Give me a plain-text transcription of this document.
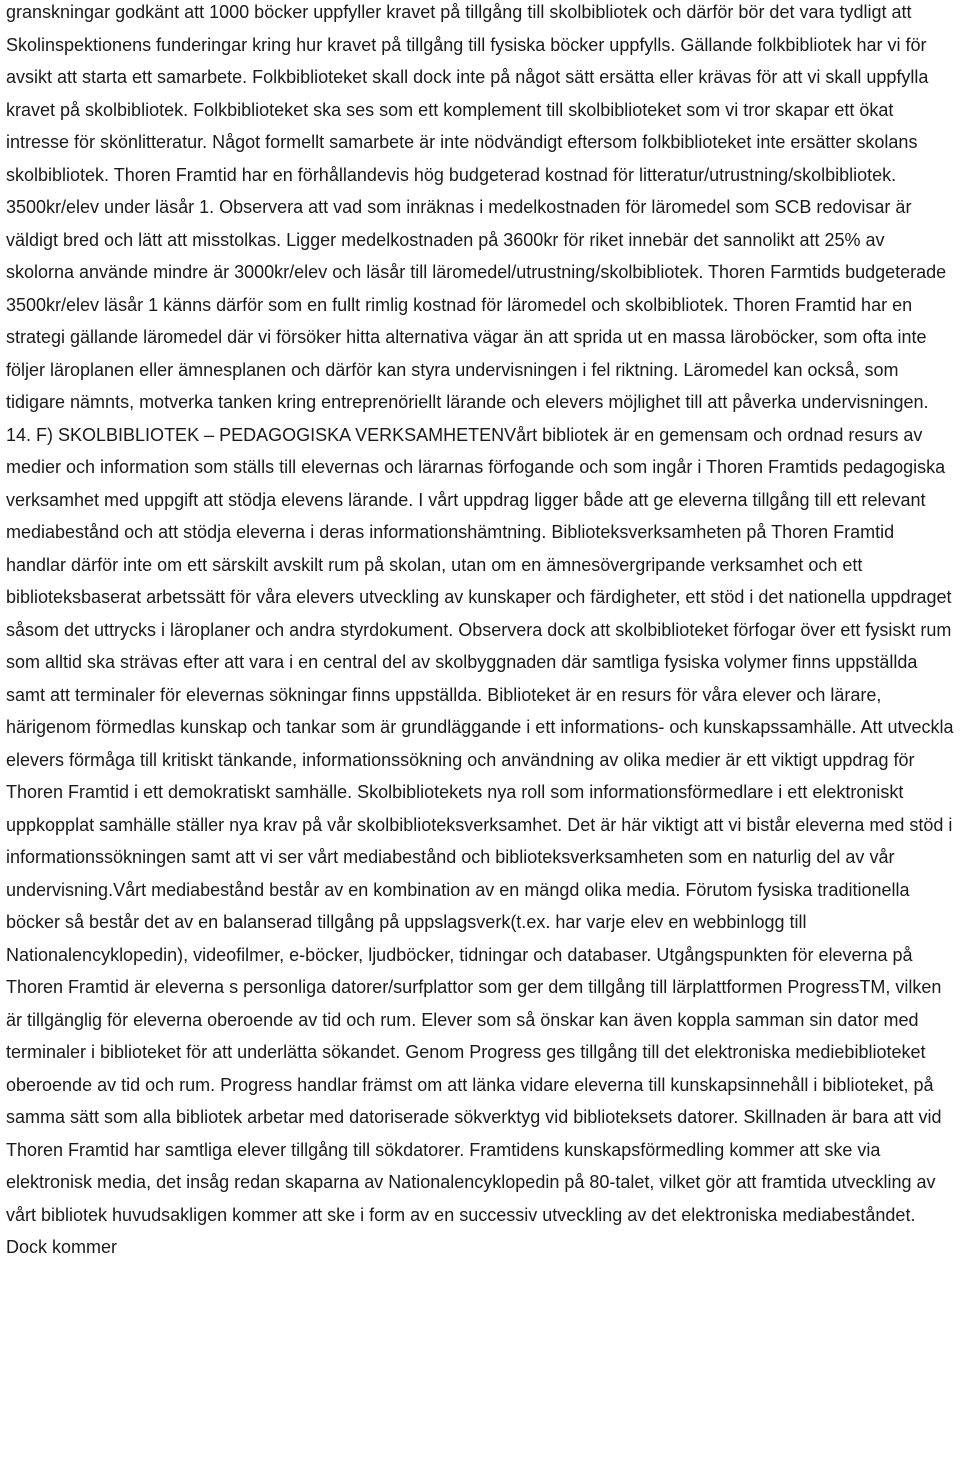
granskningar godkänt att 1000 böcker uppfyller kravet på tillgång till skolbibliotek och därför bör det vara tydligt att Skolinspektionens funderingar kring hur kravet på tillgång till fysiska böcker uppfylls. Gällande folkbibliotek har vi för avsikt att starta ett samarbete. Folkbiblioteket skall dock inte på något sätt ersätta eller krävas för att vi skall uppfylla kravet på skolbibliotek. Folkbiblioteket ska ses som ett komplement till skolbiblioteket som vi tror skapar ett ökat intresse för skönlitteratur. Något formellt samarbete är inte nödvändigt eftersom folkbiblioteket inte ersätter skolans skolbibliotek. Thoren Framtid har en förhållandevis hög budgeterad kostnad för litteratur/utrustning/skolbibliotek. 3500kr/elev under läsår 1. Observera att vad som inräknas i medelkostnaden för läromedel som SCB redovisar är väldigt bred och lätt att misstolkas. Ligger medelkostnaden på 3600kr för riket innebär det sannolikt att 25% av skolorna använde mindre är 3000kr/elev och läsår till läromedel/utrustning/skolbibliotek. Thoren Farmtids budgeterade 3500kr/elev läsår 1 känns därför som en fullt rimlig kostnad för läromedel och skolbibliotek. Thoren Framtid har en strategi gällande läromedel där vi försöker hitta alternativa vägar än att sprida ut en massa läroböcker, som ofta inte följer läroplanen eller ämnesplanen och därför kan styra undervisningen i fel riktning. Läromedel kan också, som tidigare nämnts, motverka tanken kring entreprenöriellt lärande och elevers möjlighet till att påverka undervisningen. 14. F) SKOLBIBLIOTEK – PEDAGOGISKA VERKSAMHETENVårt bibliotek är en gemensam och ordnad resurs av medier och information som ställs till elevernas och lärarnas förfogande och som ingår i Thoren Framtids pedagogiska verksamhet med uppgift att stödja elevens lärande. I vårt uppdrag ligger både att ge eleverna tillgång till ett relevant mediabestånd och att stödja eleverna i deras informationshämtning. Biblioteksverksamheten på Thoren Framtid handlar därför inte om ett särskilt avskilt rum på skolan, utan om en ämnesövergripande verksamhet och ett biblioteksbaserat arbetssätt för våra elevers utveckling av kunskaper och färdigheter, ett stöd i det nationella uppdraget såsom det uttrycks i läroplaner och andra styrdokument. Observera dock att skolbiblioteket förfogar över ett fysiskt rum som alltid ska strävas efter att vara i en central del av skolbyggnaden där samtliga fysiska volymer finns uppställda samt att terminaler för elevernas sökningar finns uppställda. Biblioteket är en resurs för våra elever och lärare, härigenom förmedlas kunskap och tankar som är grundläggande i ett informations- och kunskapssamhälle. Att utveckla elevers förmåga till kritiskt tänkande, informationssökning och användning av olika medier är ett viktigt uppdrag för Thoren Framtid i ett demokratiskt samhälle. Skolbibliotekets nya roll som informationsförmedlare i ett elektroniskt uppkopplat samhälle ställer nya krav på vår skolbiblioteksverksamhet. Det är här viktigt att vi bistår eleverna med stöd i informationssökningen samt att vi ser vårt mediabestånd och biblioteksverksamheten som en naturlig del av vår undervisning.Vårt mediabestånd består av en kombination av en mängd olika media. Förutom fysiska traditionella böcker så består det av en balanserad tillgång på uppslagsverk(t.ex. har varje elev en webbinlogg till Nationalencyklopedin), videofilmer, e-böcker, ljudböcker, tidningar och databaser. Utgångspunkten för eleverna på Thoren Framtid är eleverna s personliga datorer/surfplattor som ger dem tillgång till lärplattformen ProgressTM, vilken är tillgänglig för eleverna oberoende av tid och rum. Elever som så önskar kan även koppla samman sin dator med terminaler i biblioteket för att underlätta sökandet. Genom Progress ges tillgång till det elektroniska mediebiblioteket oberoende av tid och rum. Progress handlar främst om att länka vidare eleverna till kunskapsinnehåll i biblioteket, på samma sätt som alla bibliotek arbetar med datoriserade sökverktyg vid biblioteksets datorer. Skillnaden är bara att vid Thoren Framtid har samtliga elever tillgång till sökdatorer. Framtidens kunskapsförmedling kommer att ske via elektronisk media, det insåg redan skaparna av Nationalencyklopedin på 80-talet, vilket gör att framtida utveckling av vårt bibliotek huvudsakligen kommer att ske i form av en successiv utveckling av det elektroniska mediabeståndet. Dock kommer
